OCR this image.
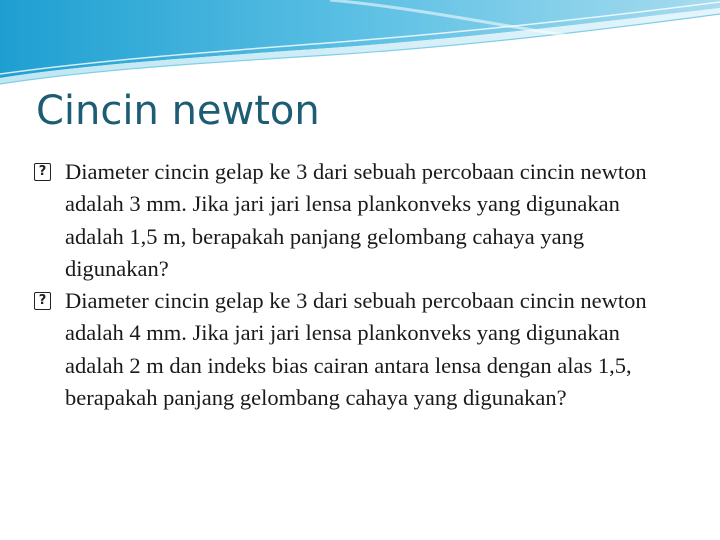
Cincin newton
? Diameter cincin gelap ke 3 dari sebuah percobaan cincin newton adalah 3 mm. Jika jari jari lensa plankonveks yang digunakan adalah 1,5 m, berapakah panjang gelombang cahaya yang digunakan?
? Diameter cincin gelap ke 3 dari sebuah percobaan cincin newton adalah 4 mm. Jika jari jari lensa plankonveks yang digunakan adalah 2 m dan indeks bias cairan antara lensa dengan alas 1,5, berapakah panjang gelombang cahaya yang digunakan?
